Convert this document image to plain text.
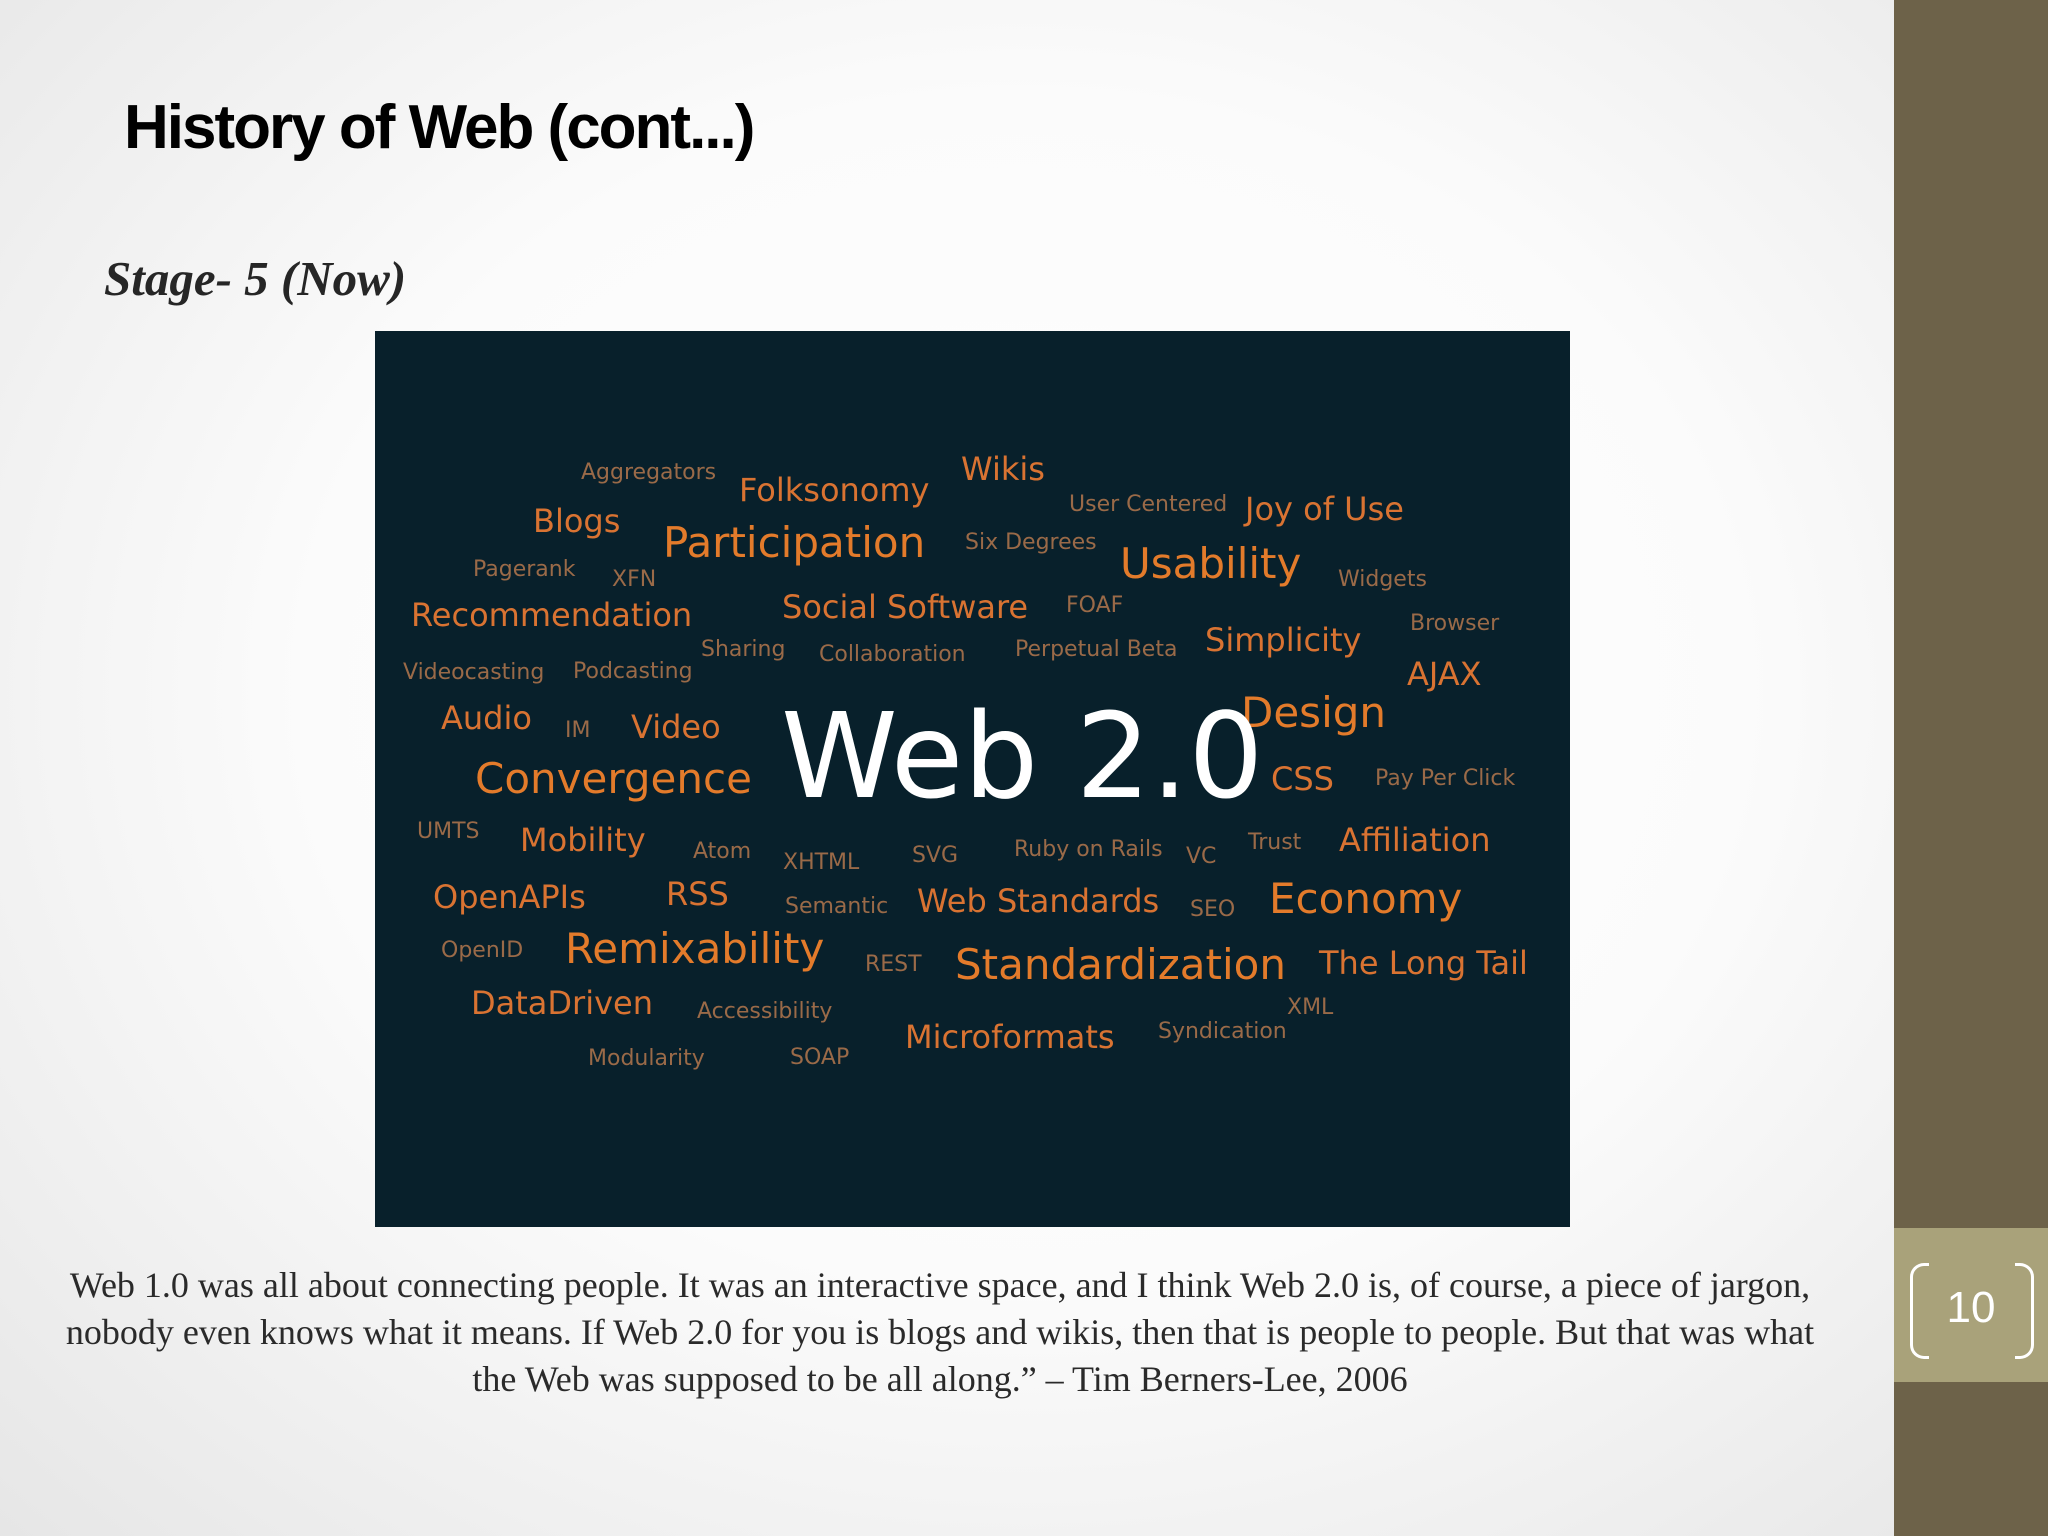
History of Web (cont...)
Stage- 5 (Now)
Aggregators Folksonomy
Wikis
User Centered Joy of Use
Blogs Participation Six Degrees Usability
Pagerank XFN	Widgets
Recommendation	Social Software FOAF
Browser
Sharing Collaboration Perpetual Beta Simplicity
Videocasting Podcasting	AJAX
Audio IM Video	Design
Convergence Web 2.0 CSS Pay Per Click
UMTS Mobility Atom XHTML SVG	Ruby on Rails VC
Trust Affiliation
OpenAPIs	RSS	Semantic Web Standards SEO Economy
OpenID Remixability REST Standardization The Long Tail
DataDriven Accessibility	XML
Microformats Syndication
Modularity	SOAP
Web 1.0 was all about connecting people. It was an interactive space, and I think Web 2.0 is, of course, a piece of jargon, nobody even knows what it means. If Web 2.0 for you is blogs and wikis, then that is people to people. But that was what the Web was supposed to be all along.” – Tim Berners-Lee, 2006
10
